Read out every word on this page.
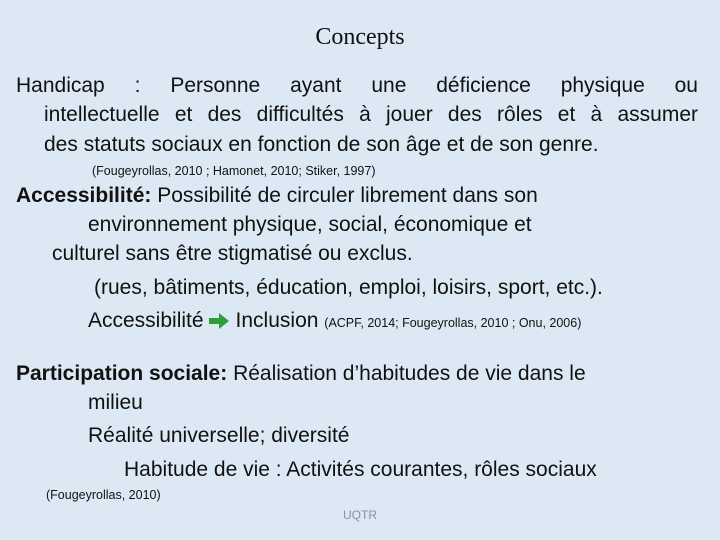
Concepts
Handicap : Personne ayant une déficience physique ou
intellectuelle et des difficultés à jouer des rôles et à assumer
des statuts sociaux en fonction de son âge et de son genre.
(Fougeyrollas, 2010 ; Hamonet, 2010; Stiker, 1997)
Accessibilité: Possibilité de circuler librement dans son
environnement physique, social, économique et
culturel sans être stigmatisé ou exclus.
(rues, bâtiments, éducation, emploi, loisirs, sport, etc.).
Accessibilité Inclusion (ACPF, 2014; Fougeyrollas, 2010 ; Onu, 2006)
Participation sociale: Réalisation d’habitudes de vie dans le
milieu
Réalité universelle; diversité
Habitude de vie : Activités courantes, rôles sociaux
(Fougeyrollas, 2010)
UQTR
